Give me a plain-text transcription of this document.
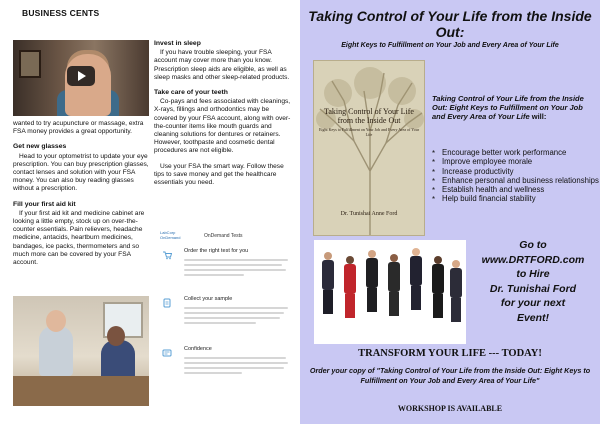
BUSINESS CENTS

wanted to try acupuncture or massage, extra FSA money provides a great opportunity.

Get new glasses

Head to your optometrist to update your eye prescription. You can buy prescription glasses, contact lenses and solution with your FSA money. You can also buy reading glasses without a prescription.

Fill your first aid kit

If your first aid kit and medicine cabinet are looking a little empty, stock up on over-the-counter essentials. Pain relievers, headache medicine, antacids, heartburn medicines, bandages, ice packs, thermometers and so much more can be covered by your FSA account.

Invest in sleep

If you have trouble sleeping, your FSA account may cover more than you know. Prescription sleep aids are eligible, as well as sleep masks and other sleep-related products.

Take care of your teeth

Co-pays and fees associated with cleanings, X-rays, fillings and orthodontics may be covered by your FSA account, along with over-the-counter items like mouth guards and cleaning solutions for dentures or retainers. However, toothpaste and cosmetic dental procedures are not eligible.

Use your FSA the smart way. Follow these tips to save money and get the healthcare essentials you need.

LabCorp OnDemand	OnDemand Tests
Order the right test for you
Collect your sample
Confidence
Taking Control of Your Life from the Inside Out:
Eight Keys to Fulfillment on Your Job and Every Area of Your Life
Taking Control of Your Life from the Inside Out
Eight Keys to Fulfillment on Your Job and Every Area of Your Life
Dr. Tunishai Anne Ford
Taking Control of Your Life from the Inside Out: Eight Keys to Fulfillment on Your Job and Every Area of Your Life will:
* Encourage better work performance
* Improve employee morale
* Increase productivity
* Enhance personal and business relationships
* Establish health and wellness
* Help build financial stability
Go to
www.DRTFORD.com
to Hire
Dr. Tunishai Ford
for your next
Event!
TRANSFORM YOUR LIFE --- TODAY!
Order your copy of "Taking Control of Your Life from the Inside Out: Eight Keys to Fulfillment on Your Job and Every Area of Your Life"
WORKSHOP IS AVAILABLE
